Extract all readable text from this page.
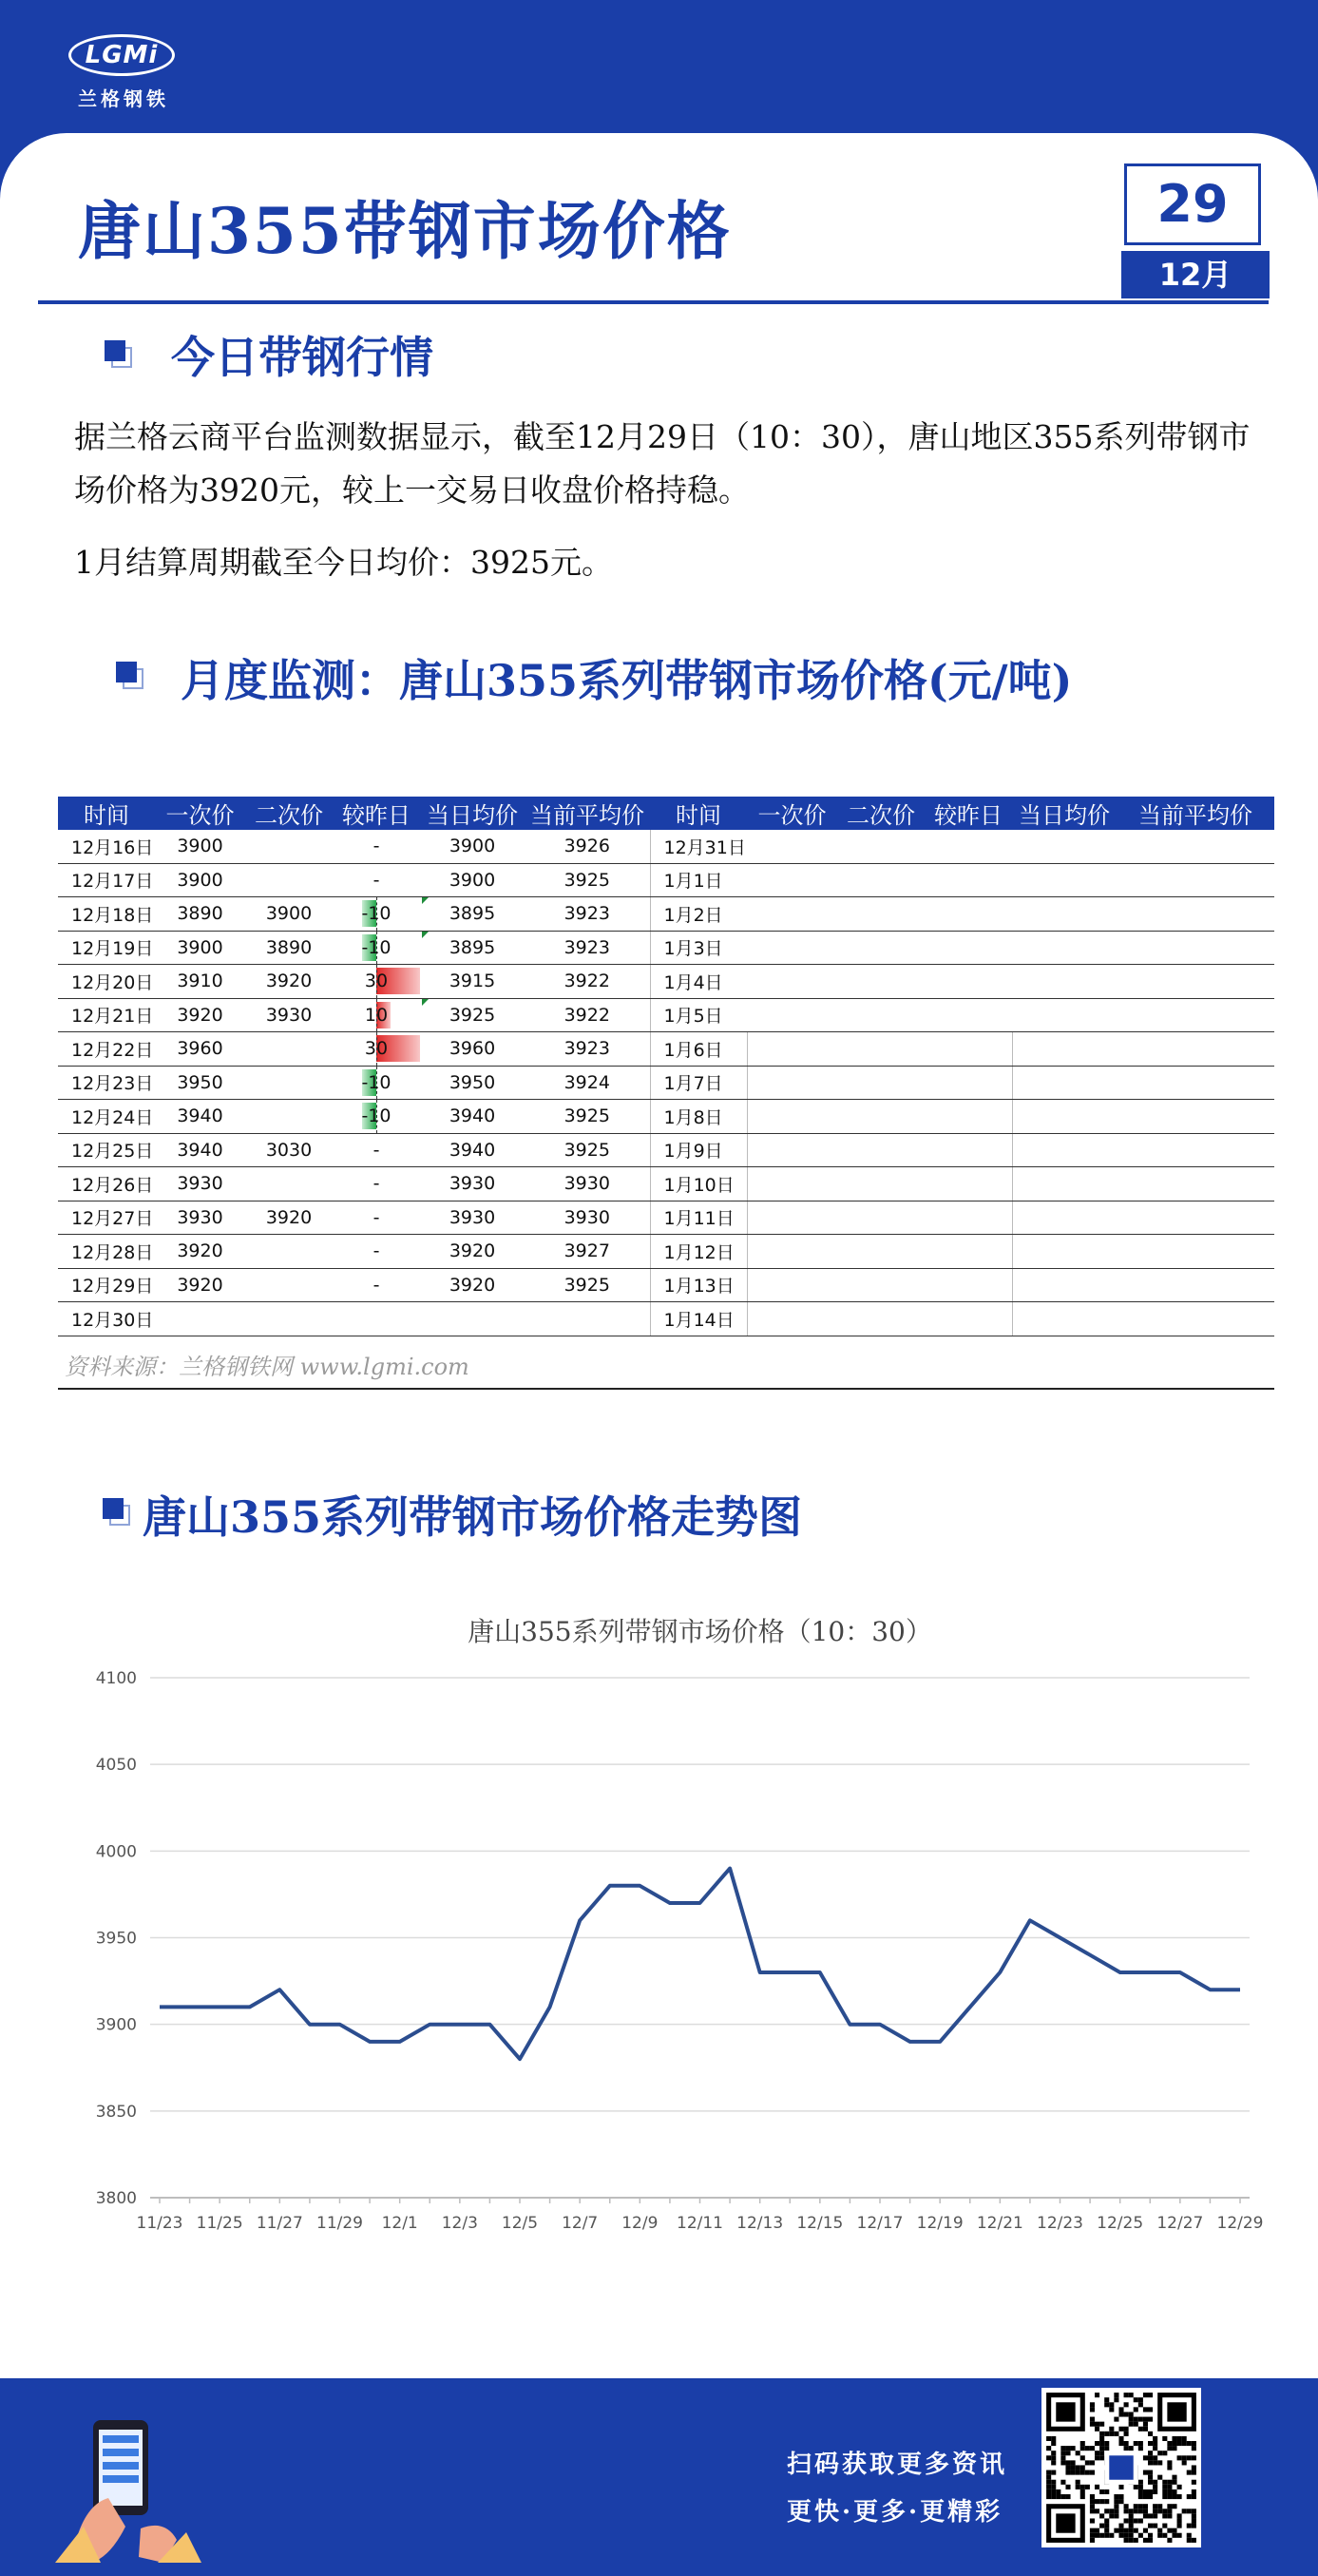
LGMi
兰格钢铁
唐山355带钢市场价格	29
12月
今日带钢行情
据兰格云商平台监测数据显示，截至12月29日（10：30），唐山地区355系列带钢市场价格为3920元，较上一交易日收盘价格持稳。
1月结算周期截至今日均价：3925元。
月度监测：唐山355系列带钢市场价格(元/吨)
时间	一次价	二次价	较昨日	当日均价	当前平均价	时间	一次价	二次价	较昨日	当日均价	当前平均价
12月16日	3900		-	3900	3926	12月31日					
12月17日	3900		-	3900	3925	1月1日					
12月18日	3890	3900	-10	3895	3923	1月2日					
12月19日	3900	3890	-10	3895	3923	1月3日					
12月20日	3910	3920	30	3915	3922	1月4日					
12月21日	3920	3930	10	3925	3922	1月5日					
12月22日	3960		30	3960	3923	1月6日					
12月23日	3950		-10	3950	3924	1月7日					
12月24日	3940		-10	3940	3925	1月8日					
12月25日	3940	3030	-	3940	3925	1月9日					
12月26日	3930		-	3930	3930	1月10日					
12月27日	3930	3920	-	3930	3930	1月11日					
12月28日	3920		-	3920	3927	1月12日					
12月29日	3920		-	3920	3925	1月13日					
12月30日						1月14日					
资料来源：兰格钢铁网 www.lgmi.com
唐山355系列带钢市场价格走势图
唐山355系列带钢市场价格（10：30）
3800
3850
3900
3950
4000
4050
4100
11/23 11/25 11/27 11/29 12/1 12/3 12/5 12/7 12/9 12/11 12/13 12/15 12/17 12/19 12/21 12/23 12/25 12/27 12/29
扫码获取更多资讯
更快·更多·更精彩
